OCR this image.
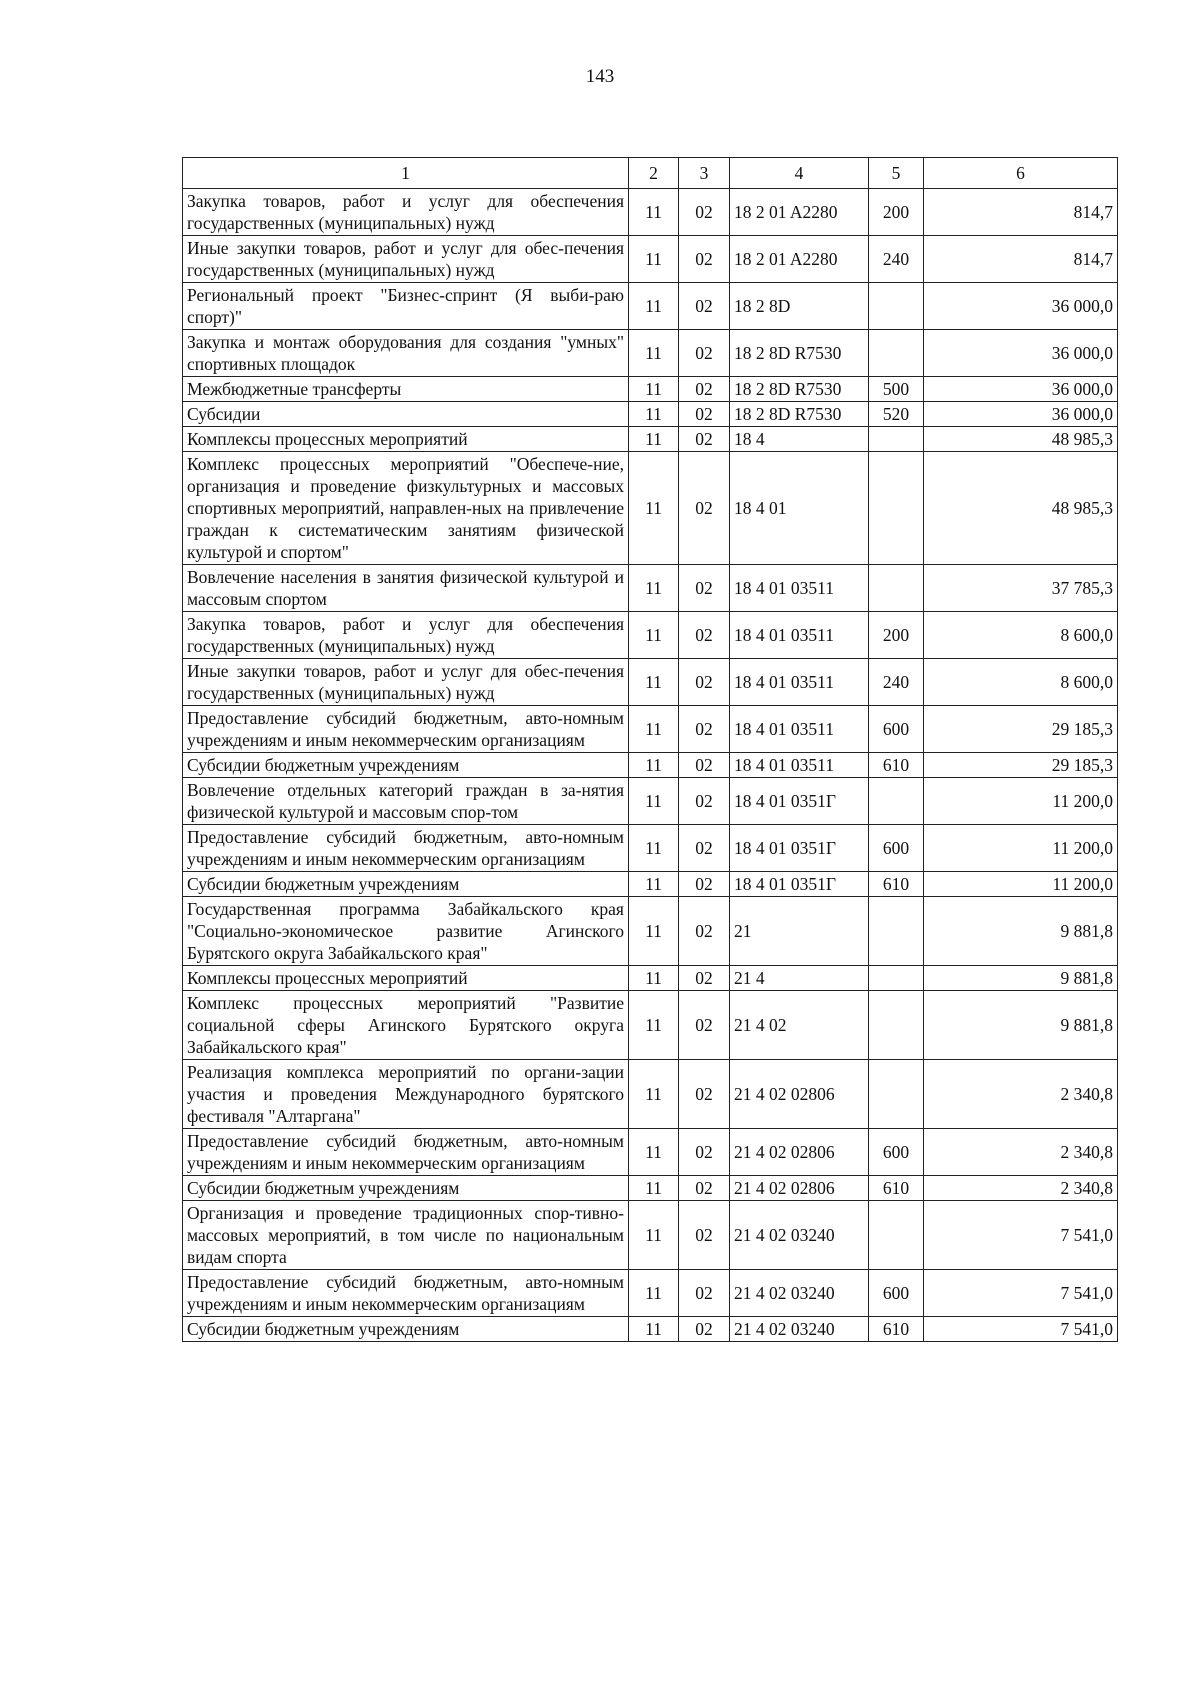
143
1	2	3	4	5	6
Закупка товаров, работ и услуг для обеспечения государственных (муниципальных) нужд	11	02	18 2 01 A2280	200	814,7
Иные закупки товаров, работ и услуг для обес-печения государственных (муниципальных) нужд	11	02	18 2 01 A2280	240	814,7
Региональный проект "Бизнес-спринт (Я выби-раю спорт)"	11	02	18 2 8D		36 000,0
Закупка и монтаж оборудования для создания "умных" спортивных площадок	11	02	18 2 8D R7530		36 000,0
Межбюджетные трансферты	11	02	18 2 8D R7530	500	36 000,0
Субсидии	11	02	18 2 8D R7530	520	36 000,0
Комплексы процессных мероприятий	11	02	18 4		48 985,3
Комплекс процессных мероприятий "Обеспече-ние, организация и проведение физкультурных и массовых спортивных мероприятий, направлен-ных на привлечение граждан к систематическим занятиям физической культурой и спортом"	11	02	18 4 01		48 985,3
Вовлечение населения в занятия физической культурой и массовым спортом	11	02	18 4 01 03511		37 785,3
Закупка товаров, работ и услуг для обеспечения государственных (муниципальных) нужд	11	02	18 4 01 03511	200	8 600,0
Иные закупки товаров, работ и услуг для обес-печения государственных (муниципальных) нужд	11	02	18 4 01 03511	240	8 600,0
Предоставление субсидий бюджетным, авто-номным учреждениям и иным некоммерческим организациям	11	02	18 4 01 03511	600	29 185,3
Субсидии бюджетным учреждениям	11	02	18 4 01 03511	610	29 185,3
Вовлечение отдельных категорий граждан в за-нятия физической культурой и массовым спор-том	11	02	18 4 01 0351Г		11 200,0
Предоставление субсидий бюджетным, авто-номным учреждениям и иным некоммерческим организациям	11	02	18 4 01 0351Г	600	11 200,0
Субсидии бюджетным учреждениям	11	02	18 4 01 0351Г	610	11 200,0
Государственная программа Забайкальского края "Социально-экономическое развитие Агинского Бурятского округа Забайкальского края"	11	02	21		9 881,8
Комплексы процессных мероприятий	11	02	21 4		9 881,8
Комплекс процессных мероприятий "Развитие социальной сферы Агинского Бурятского округа Забайкальского края"	11	02	21 4 02		9 881,8
Реализация комплекса мероприятий по органи-зации участия и проведения Международного бурятского фестиваля "Алтаргана"	11	02	21 4 02 02806		2 340,8
Предоставление субсидий бюджетным, авто-номным учреждениям и иным некоммерческим организациям	11	02	21 4 02 02806	600	2 340,8
Субсидии бюджетным учреждениям	11	02	21 4 02 02806	610	2 340,8
Организация и проведение традиционных спор-тивно-массовых мероприятий, в том числе по национальным видам спорта	11	02	21 4 02 03240		7 541,0
Предоставление субсидий бюджетным, авто-номным учреждениям и иным некоммерческим организациям	11	02	21 4 02 03240	600	7 541,0
Субсидии бюджетным учреждениям	11	02	21 4 02 03240	610	7 541,0
